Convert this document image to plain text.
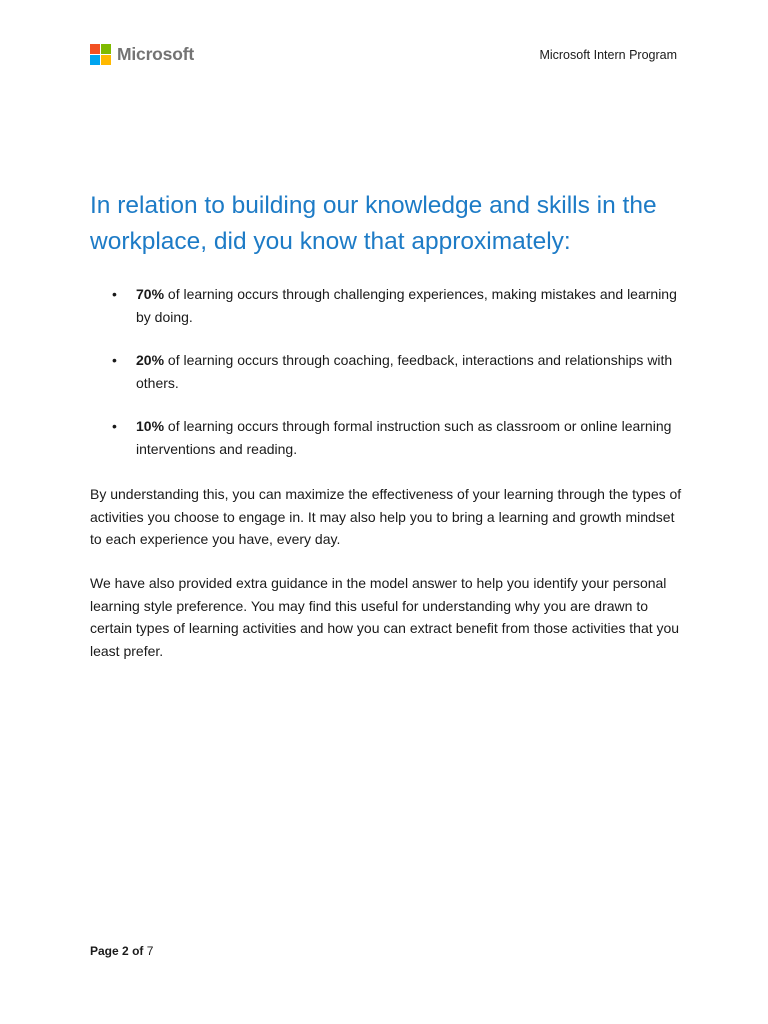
Microsoft	Microsoft Intern Program
In relation to building our knowledge and skills in the workplace, did you know that approximately:
• 70% of learning occurs through challenging experiences, making mistakes and learning by doing.
• 20% of learning occurs through coaching, feedback, interactions and relationships with others.
• 10% of learning occurs through formal instruction such as classroom or online learning interventions and reading.

By understanding this, you can maximize the effectiveness of your learning through the types of activities you choose to engage in. It may also help you to bring a learning and growth mindset to each experience you have, every day.

We have also provided extra guidance in the model answer to help you identify your personal learning style preference. You may find this useful for understanding why you are drawn to certain types of learning activities and how you can extract benefit from those activities that you least prefer.

Page 2 of 7
